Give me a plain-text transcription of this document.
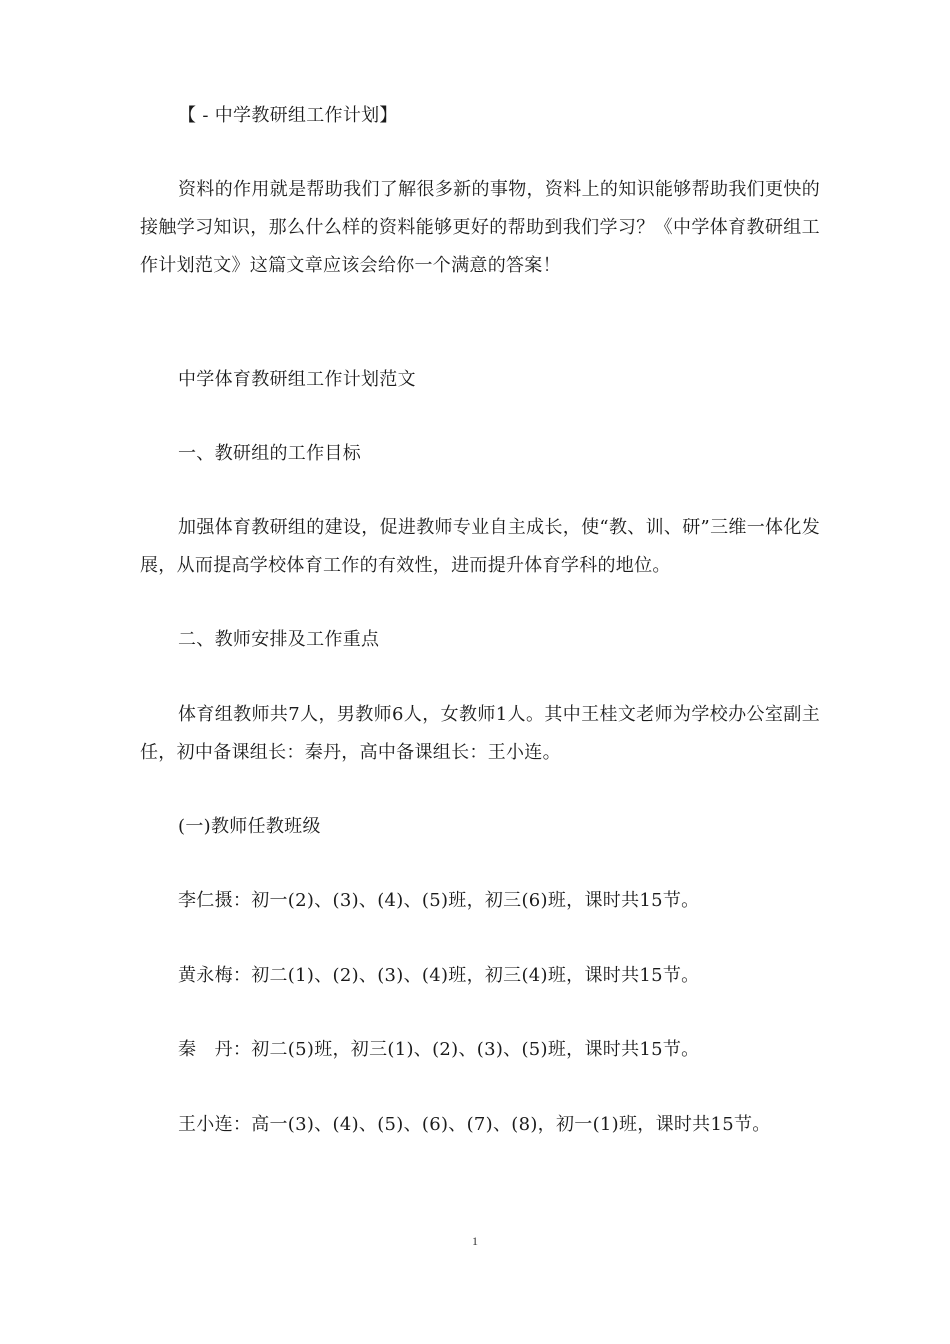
【 - 中学教研组工作计划】
资料的作用就是帮助我们了解很多新的事物，资料上的知识能够帮助我们更快的接触学习知识，那么什么样的资料能够更好的帮助到我们学习？《中学体育教研组工作计划范文》这篇文章应该会给你一个满意的答案！
中学体育教研组工作计划范文
一、教研组的工作目标
加强体育教研组的建设，促进教师专业自主成长，使“教、训、研”三维一体化发展，从而提高学校体育工作的有效性，进而提升体育学科的地位。
二、教师安排及工作重点
体育组教师共7人，男教师6人，女教师1人。其中王桂文老师为学校办公室副主任，初中备课组长：秦丹，高中备课组长：王小连。
(一)教师任教班级
李仁摄：初一(2)、(3)、(4)、(5)班，初三(6)班，课时共15节。
黄永梅：初二(1)、(2)、(3)、(4)班，初三(4)班，课时共15节。
秦　丹：初二(5)班，初三(1)、(2)、(3)、(5)班，课时共15节。
王小连：高一(3)、(4)、(5)、(6)、(7)、(8)，初一(1)班，课时共15节。
1
